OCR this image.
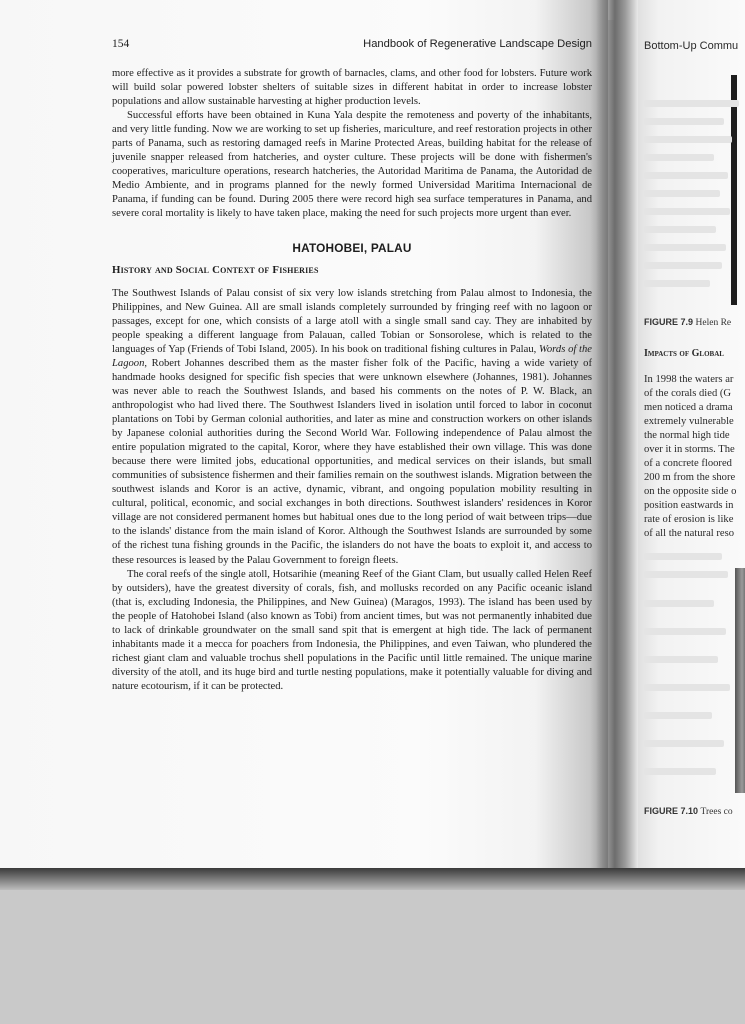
154	Handbook of Regenerative Landscape Design

more effective as it provides a substrate for growth of barnacles, clams, and other food for lobsters. Future work will build solar powered lobster shelters of suitable sizes in different habitat in order to increase lobster populations and allow sustainable harvesting at higher production levels.

Successful efforts have been obtained in Kuna Yala despite the remoteness and poverty of the inhabitants, and very little funding. Now we are working to set up fisheries, mariculture, and reef restoration projects in other parts of Panama, such as restoring damaged reefs in Marine Protected Areas, building habitat for the release of juvenile snapper released from hatcheries, and oyster culture. These projects will be done with fishermen's cooperatives, mariculture operations, research hatcheries, the Autoridad Maritima de Panama, the Autoridad de Medio Ambiente, and in programs planned for the newly formed Universidad Maritima Internacional de Panama, if funding can be found. During 2005 there were record high sea surface temperatures in Panama, and severe coral mortality is likely to have taken place, making the need for such projects more urgent than ever.

HATOHOBEI, PALAU
History and Social Context of Fisheries

The Southwest Islands of Palau consist of six very low islands stretching from Palau almost to Indonesia, the Philippines, and New Guinea. All are small islands completely surrounded by fringing reef with no lagoon or passages, except for one, which consists of a large atoll with a single small sand cay. They are inhabited by people speaking a different language from Palauan, called Tobian or Sonsorolese, which is related to the languages of Yap (Friends of Tobi Island, 2005). In his book on traditional fishing cultures in Palau, Words of the Lagoon, Robert Johannes described them as the master fisher folk of the Pacific, having a wide variety of handmade hooks designed for specific fish species that were unknown elsewhere (Johannes, 1981). Johannes was never able to reach the Southwest Islands, and based his comments on the notes of P. W. Black, an anthropologist who had lived there. The Southwest Islanders lived in isolation until forced to labor in coconut plantations on Tobi by German colonial authorities, and later as mine and construction workers on other islands by Japanese colonial authorities during the Second World War. Following independence of Palau almost the entire population migrated to the capital, Koror, where they have established their own village. This was done because there were limited jobs, educational opportunities, and medical services on their islands, but small communities of subsistence fishermen and their families remain on the southwest islands. Migration between the southwest islands and Koror is an active, dynamic, vibrant, and ongoing population mobility resulting in cultural, political, economic, and social exchanges in both directions. Southwest islanders' residences in Koror village are not considered permanent homes but habitual ones due to the long period of wait between trips—due to the islands' distance from the main island of Koror. Although the Southwest Islands are surrounded by some of the richest tuna fishing grounds in the Pacific, the islanders do not have the boats to exploit it, and access to these resources is leased by the Palau Government to foreign fleets.

The coral reefs of the single atoll, Hotsarihie (meaning Reef of the Giant Clam, but usually called Helen Reef by outsiders), have the greatest diversity of corals, fish, and mollusks recorded on any Pacific oceanic island (that is, excluding Indonesia, the Philippines, and New Guinea) (Maragos, 1993). The island has been used by the people of Hatohobei Island (also known as Tobi) from ancient times, but was not permanently inhabited due to lack of drinkable groundwater on the small sand spit that is emergent at high tide. The lack of permanent inhabitants made it a mecca for poachers from Indonesia, the Philippines, and even Taiwan, who plundered the richest giant clam and valuable trochus shell populations in the Pacific until little remained. The unique marine diversity of the atoll, and its huge bird and turtle nesting populations, make it potentially valuable for diving and nature ecotourism, if it can be protected.

Bottom-Up Commu
FIGURE 7.9 Helen Re
Impacts of Global
In 1998 the waters ar
of the corals died (G
men noticed a drama
extremely vulnerable
the normal high tide
over it in storms. The
of a concrete floored
200 m from the shore
on the opposite side o
position eastwards in
rate of erosion is like
of all the natural reso
FIGURE 7.10 Trees co
